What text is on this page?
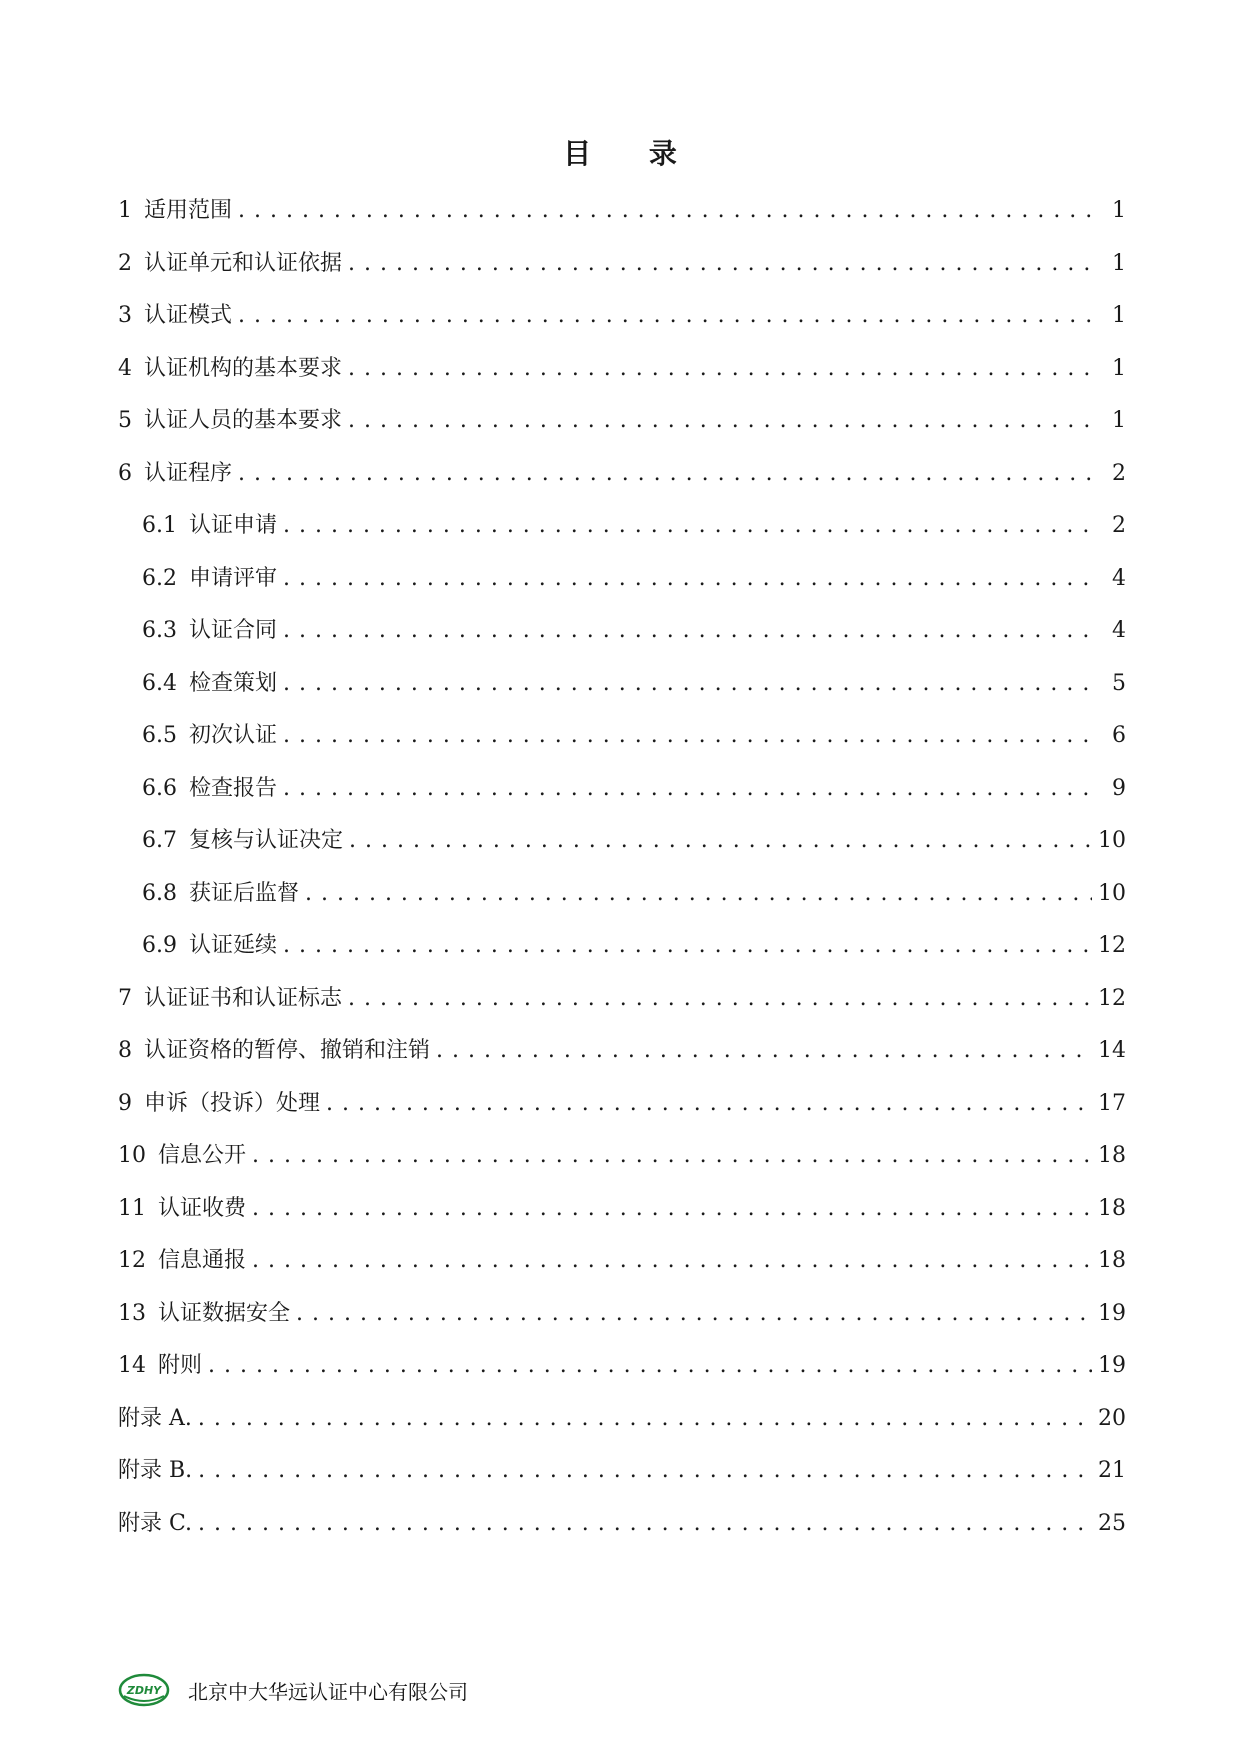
目 录
1 适用范围 . . .	1
2 认证单元和认证依据 . . .	1
3 认证模式 . . .	1
4 认证机构的基本要求 . . .	1
5 认证人员的基本要求 . . .	1
6 认证程序 . . .	2
6.1 认证申请 . . .	2
6.2 申请评审 . . .	4
6.3 认证合同 . . .	4
6.4 检查策划 . . .	5
6.5 初次认证 . . .	6
6.6 检查报告 . . .	9
6.7 复核与认证决定 . . .	10
6.8 获证后监督 . . .	10
6.9 认证延续 . . .	12
7 认证证书和认证标志 . . .	12
8 认证资格的暂停、撤销和注销 . . .	14
9 申诉（投诉）处理 . . .	17
10 信息公开 . . .	18
11 认证收费 . . .	18
12 信息通报 . . .	18
13 认证数据安全 . . .	19
14 附则 . . .	19
附录 A. . . .	20
附录 B. . . .	21
附录 C. . . .	25
ZDHY 北京中大华远认证中心有限公司
